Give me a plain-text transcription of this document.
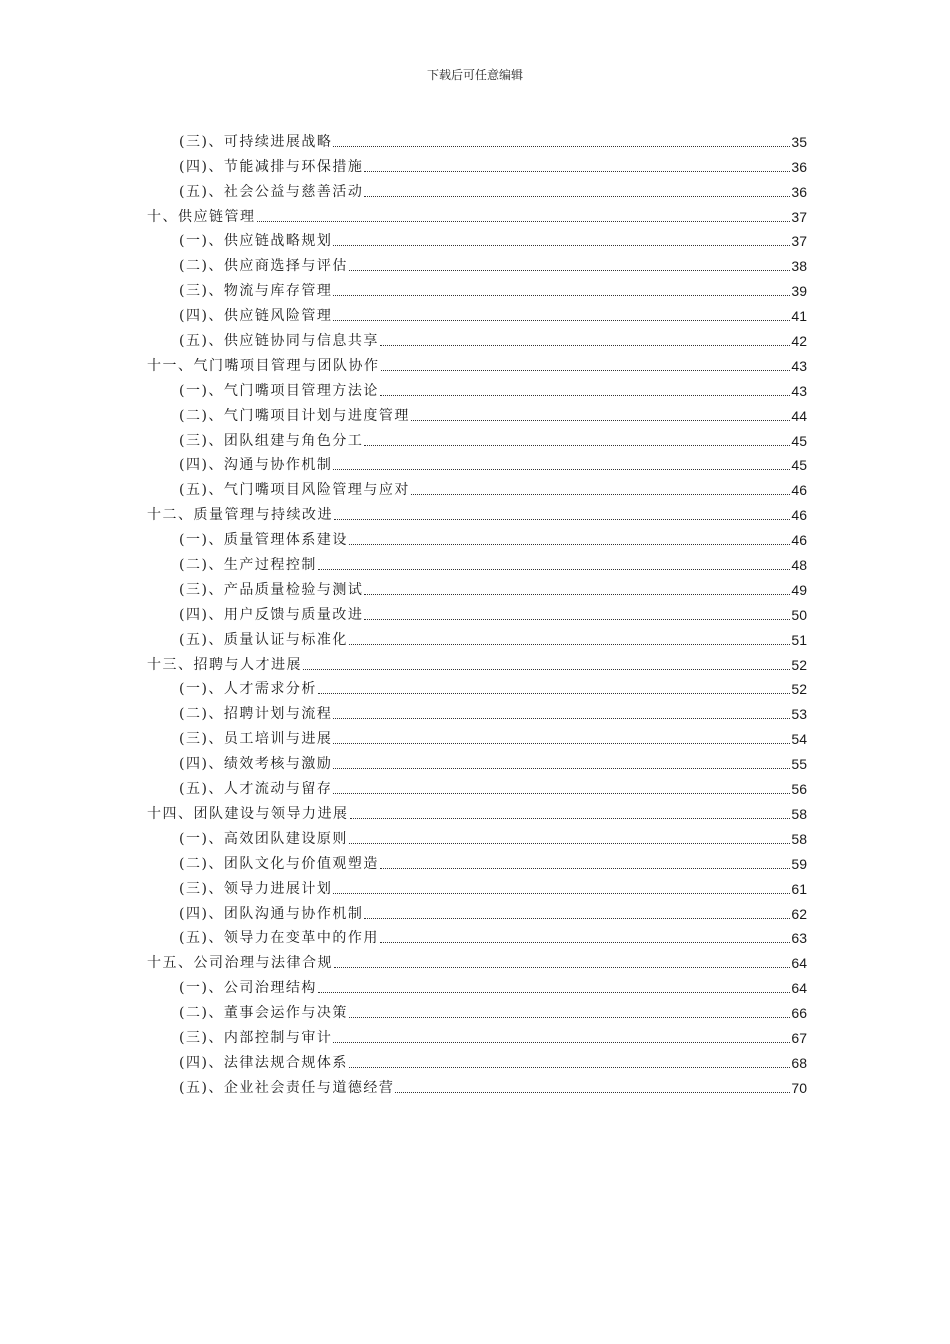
下载后可任意编辑
(三)、可持续进展战略	35
(四)、节能减排与环保措施	36
(五)、社会公益与慈善活动	36
十、供应链管理	37
(一)、供应链战略规划	37
(二)、供应商选择与评估	38
(三)、物流与库存管理	39
(四)、供应链风险管理	41
(五)、供应链协同与信息共享	42
十一、气门嘴项目管理与团队协作	43
(一)、气门嘴项目管理方法论	43
(二)、气门嘴项目计划与进度管理	44
(三)、团队组建与角色分工	45
(四)、沟通与协作机制	45
(五)、气门嘴项目风险管理与应对	46
十二、质量管理与持续改进	46
(一)、质量管理体系建设	46
(二)、生产过程控制	48
(三)、产品质量检验与测试	49
(四)、用户反馈与质量改进	50
(五)、质量认证与标准化	51
十三、招聘与人才进展	52
(一)、人才需求分析	52
(二)、招聘计划与流程	53
(三)、员工培训与进展	54
(四)、绩效考核与激励	55
(五)、人才流动与留存	56
十四、团队建设与领导力进展	58
(一)、高效团队建设原则	58
(二)、团队文化与价值观塑造	59
(三)、领导力进展计划	61
(四)、团队沟通与协作机制	62
(五)、领导力在变革中的作用	63
十五、公司治理与法律合规	64
(一)、公司治理结构	64
(二)、董事会运作与决策	66
(三)、内部控制与审计	67
(四)、法律法规合规体系	68
(五)、企业社会责任与道德经营	70
